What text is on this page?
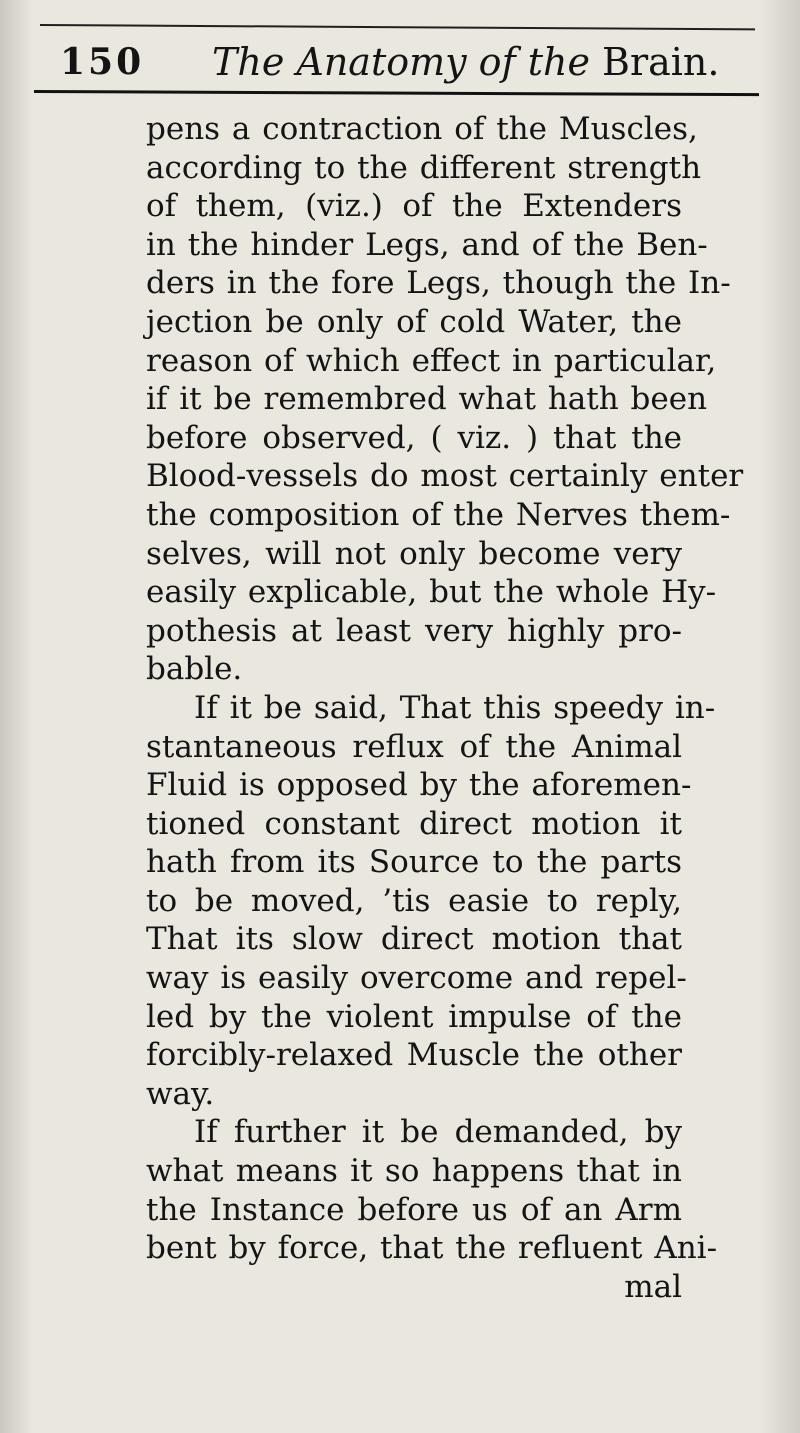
150 The Anatomy of the Brain.
pens a contraction of the Muscles,
according to the different strength
of them, (viz.) of the Extenders
in the hinder Legs, and of the Ben-
ders in the fore Legs, though the In-
jection be only of cold Water, the
reason of which effect in particular,
if it be remembred what hath been
before observed, ( viz. ) that the
Blood-vessels do most certainly enter
the composition of the Nerves them-
selves, will not only become very
easily explicable, but the whole Hy-
pothesis at least very highly pro-
bable.
If it be said, That this speedy in-
stantaneous reflux of the Animal
Fluid is opposed by the aforemen-
tioned constant direct motion it
hath from its Source to the parts
to be moved, ’tis easie to reply,
That its slow direct motion that
way is easily overcome and repel-
led by the violent impulse of the
forcibly-relaxed Muscle the other
way.
If further it be demanded, by
what means it so happens that in
the Instance before us of an Arm
bent by force, that the refluent Ani-
mal
